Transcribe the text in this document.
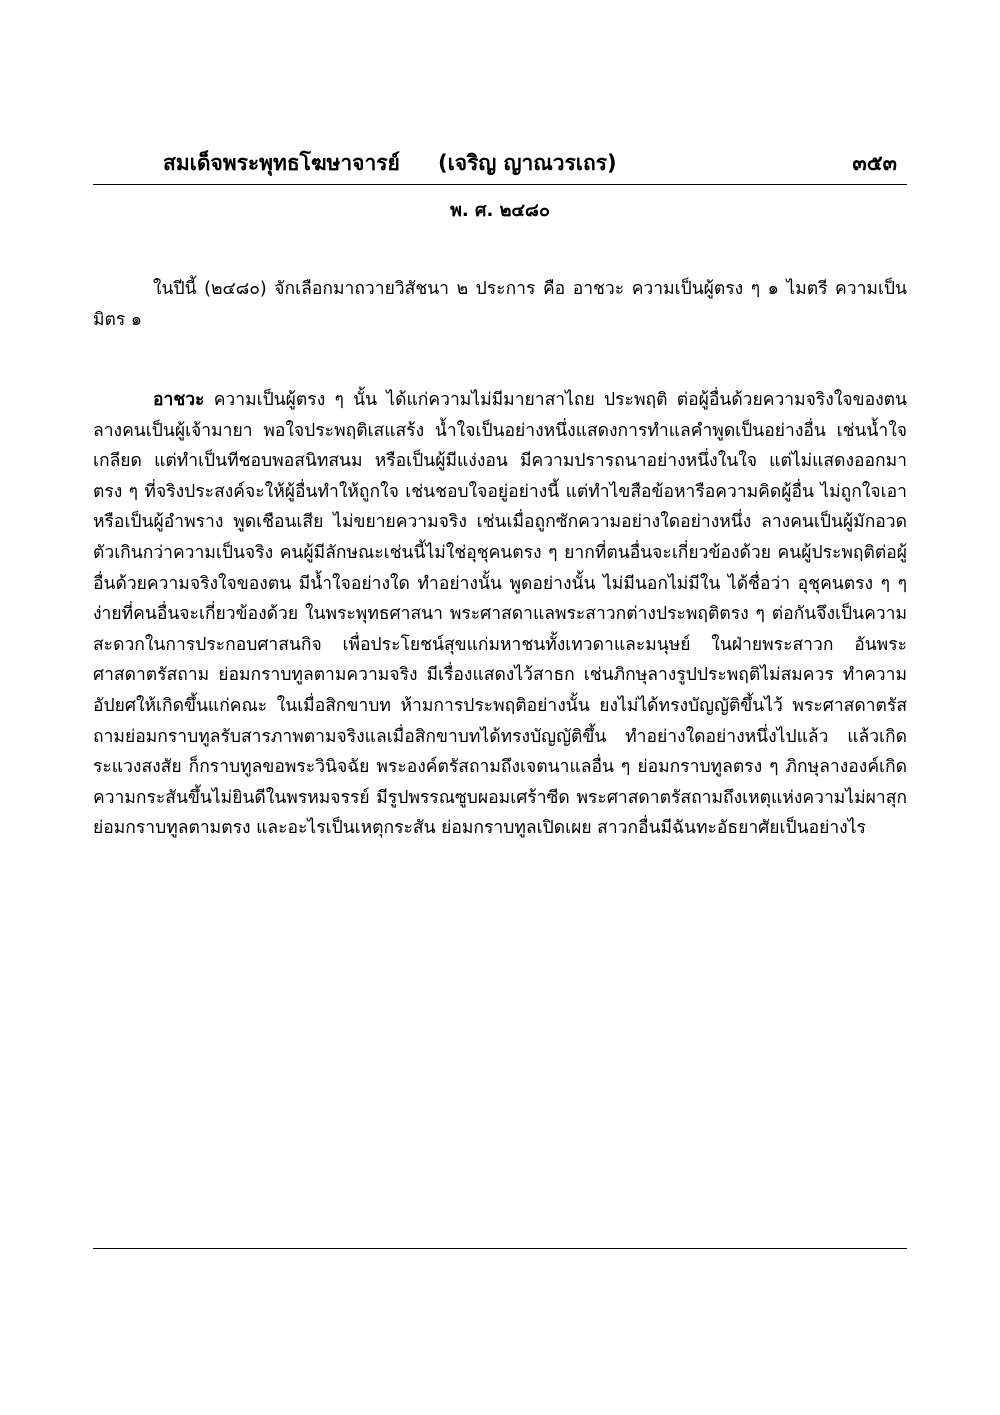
สมเด็จพระพุทธโฆษาจารย์ (เจริญ ญาณวรเถร)	๓๕๓
พ. ศ. ๒๔๘๐

ในปีนี้ (๒๔๘๐) จักเลือกมาถวายวิสัชนา ๒ ประการ คือ อาชวะ ความเป็นผู้ตรง ๆ ๑ ไมตรี ความเป็นมิตร ๑

อาชวะ ความเป็นผู้ตรง ๆ นั้น ได้แก่ความไม่มีมายาสาไถย ประพฤติ ต่อผู้อื่นด้วยความจริงใจของตน ลางคนเป็นผู้เจ้ามายา พอใจประพฤติเสแสร้ง น้ำใจเป็นอย่างหนึ่งแสดงการทำแลคำพูดเป็นอย่างอื่น เช่นน้ำใจเกลียด แต่ทำเป็นทีชอบพอสนิทสนม หรือเป็นผู้มีแง่งอน มีความปรารถนาอย่างหนึ่งในใจ แต่ไม่แสดงออกมาตรง ๆ ที่จริงประสงค์จะให้ผู้อื่นทำให้ถูกใจ เช่นชอบใจอยู่อย่างนี้ แต่ทำไขสือข้อหารือความคิดผู้อื่น ไม่ถูกใจเอา หรือเป็นผู้อำพราง พูดเชือนเสีย ไม่ขยายความจริง เช่นเมื่อถูกซักความอย่างใดอย่างหนึ่ง ลางคนเป็นผู้มักอวดตัวเกินกว่าความเป็นจริง คนผู้มีลักษณะเช่นนี้ไม่ใช่อุชุคนตรง ๆ ยากที่ตนอื่นจะเกี่ยวข้องด้วย คนผู้ประพฤติต่อผู้อื่นด้วยความจริงใจของตน มีน้ำใจอย่างใด ทำอย่างนั้น พูดอย่างนั้น ไม่มีนอกไม่มีใน ได้ชื่อว่า อุชุคนตรง ๆ ๆ ง่ายที่คนอื่นจะเกี่ยวข้องด้วย ในพระพุทธศาสนา พระศาสดาแลพระสาวกต่างประพฤติตรง ๆ ต่อกันจึงเป็นความสะดวกในการประกอบศาสนกิจ เพื่อประโยชน์สุขแก่มหาชนทั้งเทวดาและมนุษย์ ในฝ่ายพระสาวก อันพระศาสดาตรัสถาม ย่อมกราบทูลตามความจริง มีเรื่องแสดงไว้สาธก เช่นภิกษุลางรูปประพฤติไม่สมควร ทำความอัปยศให้เกิดขึ้นแก่คณะ ในเมื่อสิกขาบท ห้ามการประพฤติอย่างนั้น ยงไม่ได้ทรงบัญญัติขึ้นไว้ พระศาสดาตรัสถามย่อมกราบทูลรับสารภาพตามจริงแลเมื่อสิกขาบทได้ทรงบัญญัติขึ้น ทำอย่างใดอย่างหนึ่งไปแล้ว แล้วเกิดระแวงสงสัย ก็กราบทูลขอพระวินิจฉัย พระองค์ตรัสถามถึงเจตนาแลอื่น ๆ ย่อมกราบทูลตรง ๆ ภิกษุลางองค์เกิดความกระสันขึ้นไม่ยินดีในพรหมจรรย์ มีรูปพรรณซูบผอมเศร้าซีด พระศาสดาตรัสถามถึงเหตุแห่งความไม่ผาสุก ย่อมกราบทูลตามตรง และอะไรเป็นเหตุกระสัน ย่อมกราบทูลเปิดเผย สาวกอื่นมีฉันทะอัธยาศัยเป็นอย่างไร
